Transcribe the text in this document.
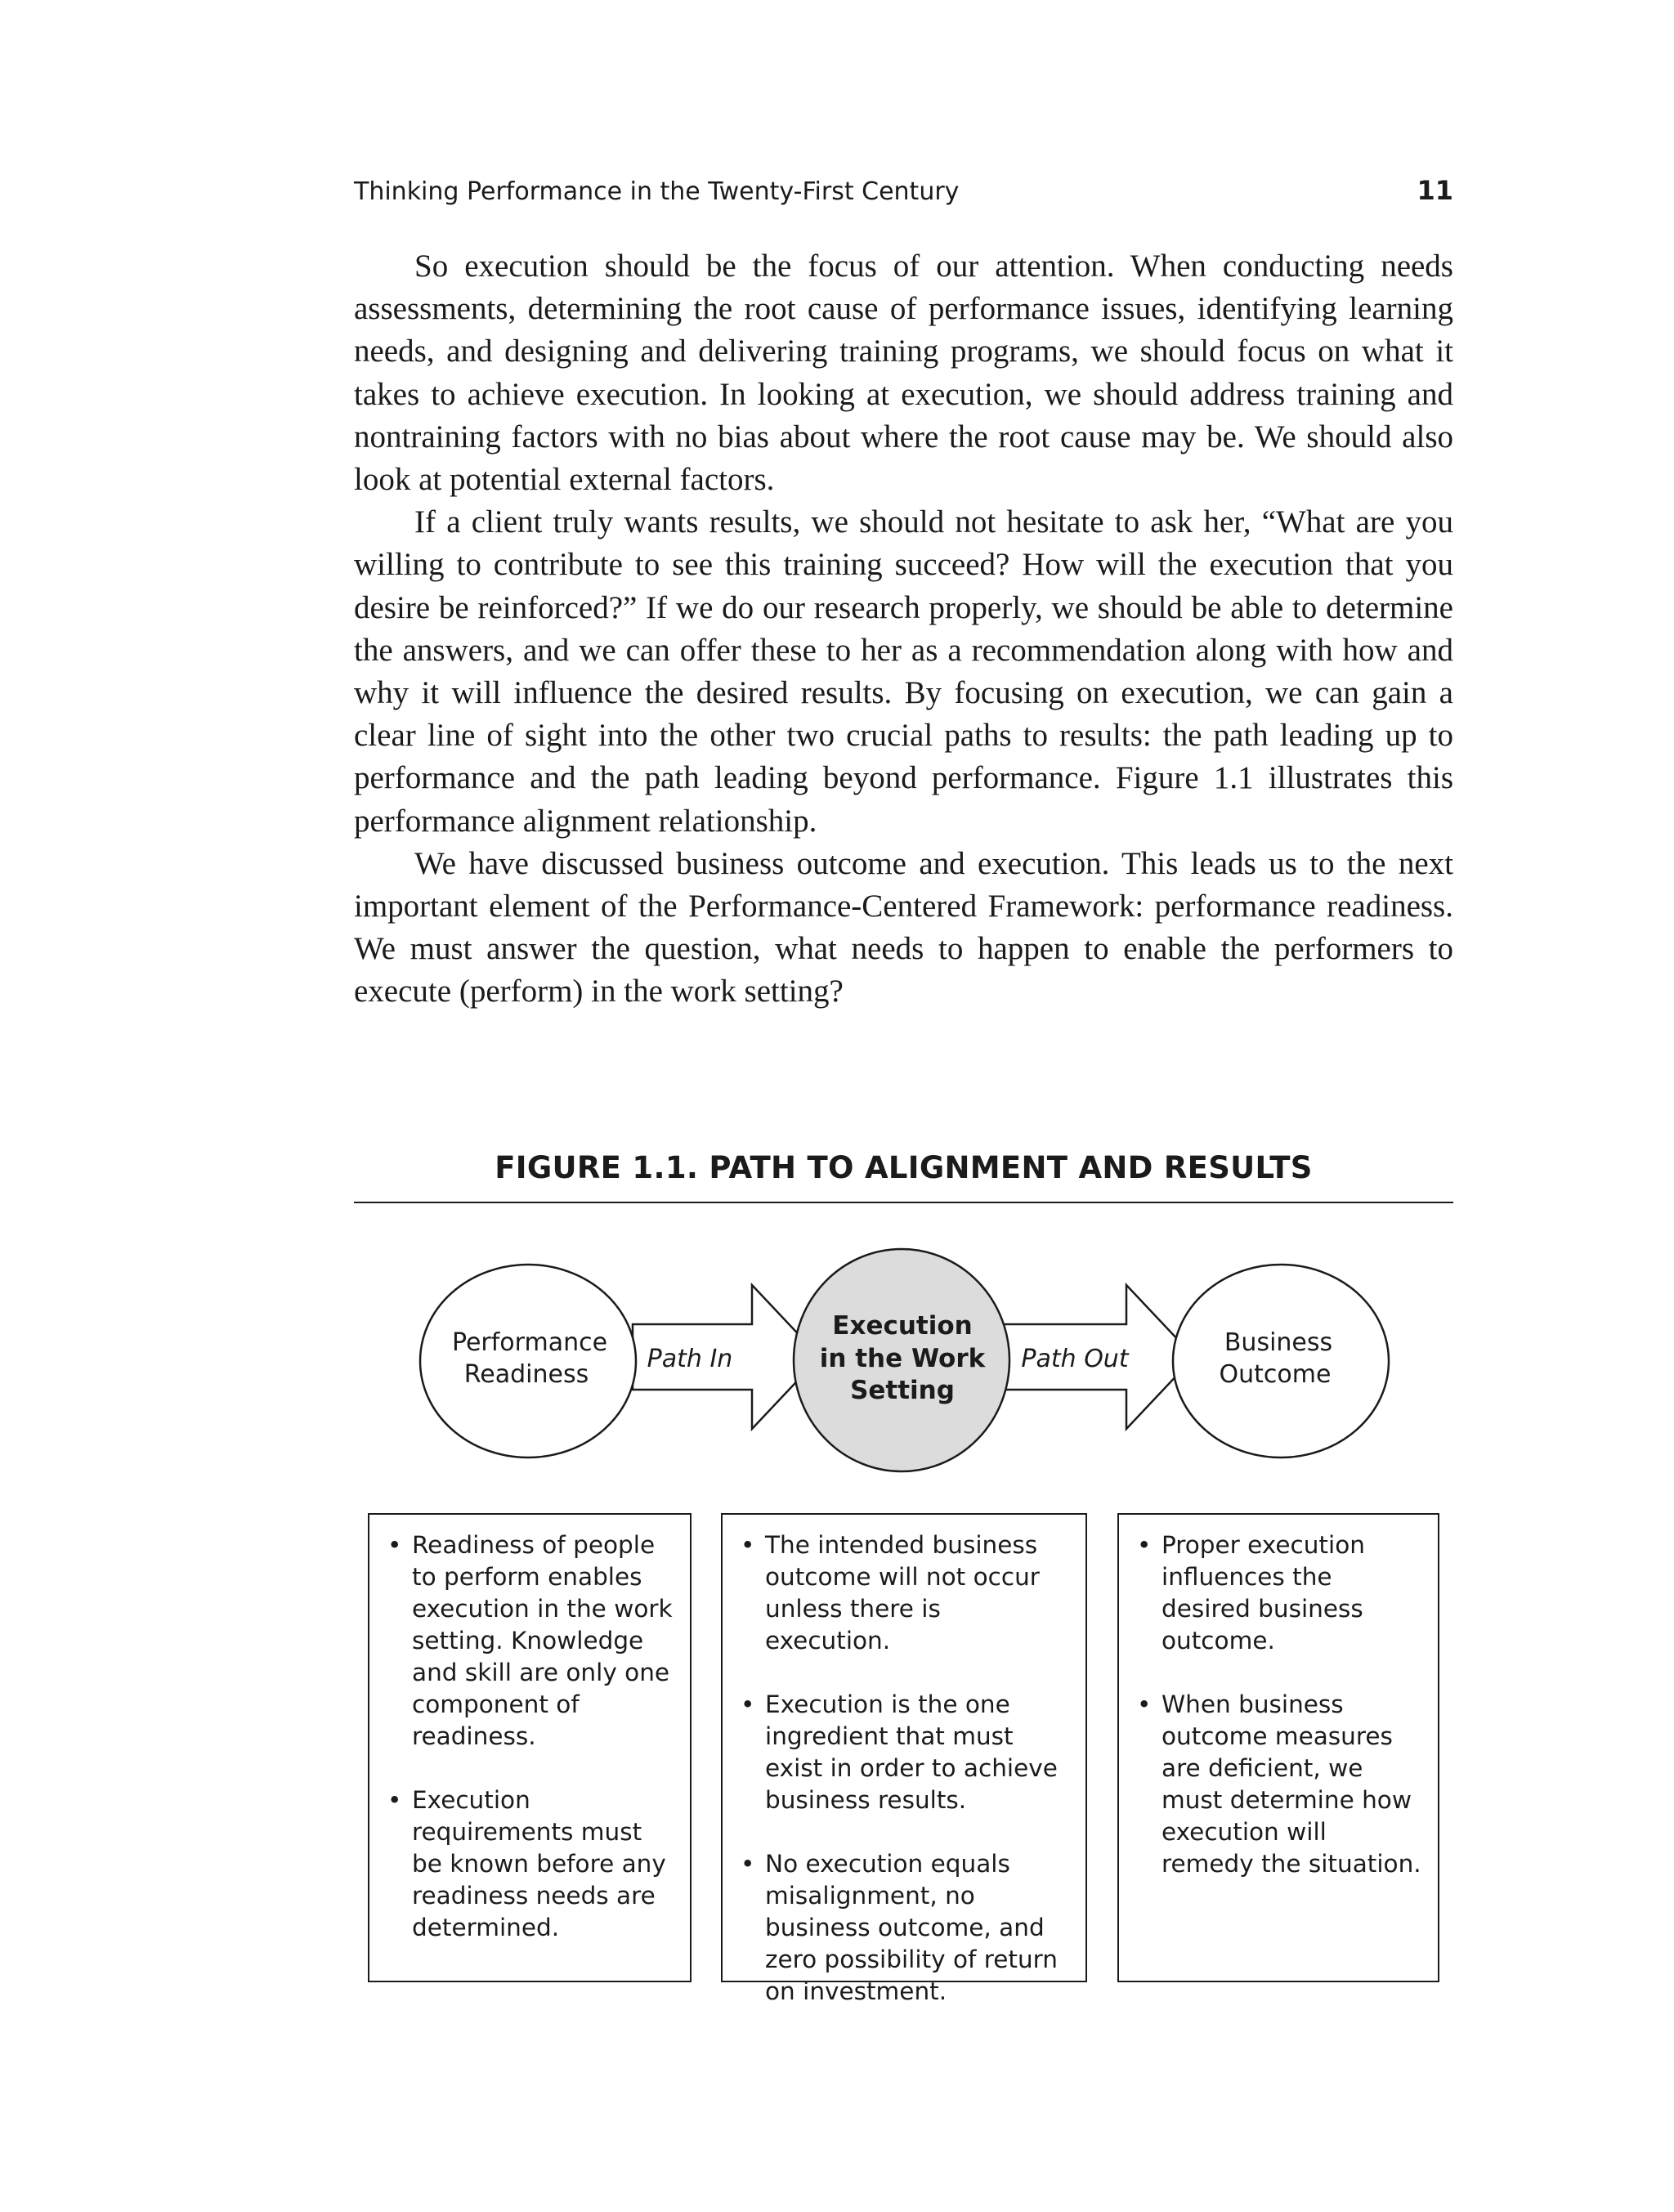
Thinking Performance in the Twenty-First Century	11

So execution should be the focus of our attention. When conducting needs assessments, determining the root cause of performance issues, identifying learning needs, and designing and delivering training programs, we should focus on what it takes to achieve execution. In looking at execution, we should address training and nontraining factors with no bias about where the root cause may be. We should also look at potential external factors.

If a client truly wants results, we should not hesitate to ask her, “What are you willing to contribute to see this training succeed? How will the execution that you desire be reinforced?” If we do our research properly, we should be able to determine the answers, and we can offer these to her as a recommendation along with how and why it will influence the desired results. By focusing on execution, we can gain a clear line of sight into the other two crucial paths to results: the path leading up to performance and the path leading beyond performance. Figure 1.1 illustrates this performance alignment relationship.

We have discussed business outcome and execution. This leads us to the next important element of the Performance-Centered Framework: performance readiness. We must answer the question, what needs to happen to enable the performers to execute (perform) in the work setting?

FIGURE 1.1. PATH TO ALIGNMENT AND RESULTS
Performance
Readiness
Execution
in the Work
Setting
Business
Outcome
Path In	Path Out
• Readiness of people to perform enables execution in the work setting. Knowledge and skill are only one component of readiness.
• Execution requirements must be known before any readiness needs are determined.
• The intended business outcome will not occur unless there is execution.
• Execution is the one ingredient that must exist in order to achieve business results.
• No execution equals misalignment, no business outcome, and zero possibility of return on investment.
• Proper execution influences the desired business outcome.
• When business outcome measures are deficient, we must determine how execution will remedy the situation.
